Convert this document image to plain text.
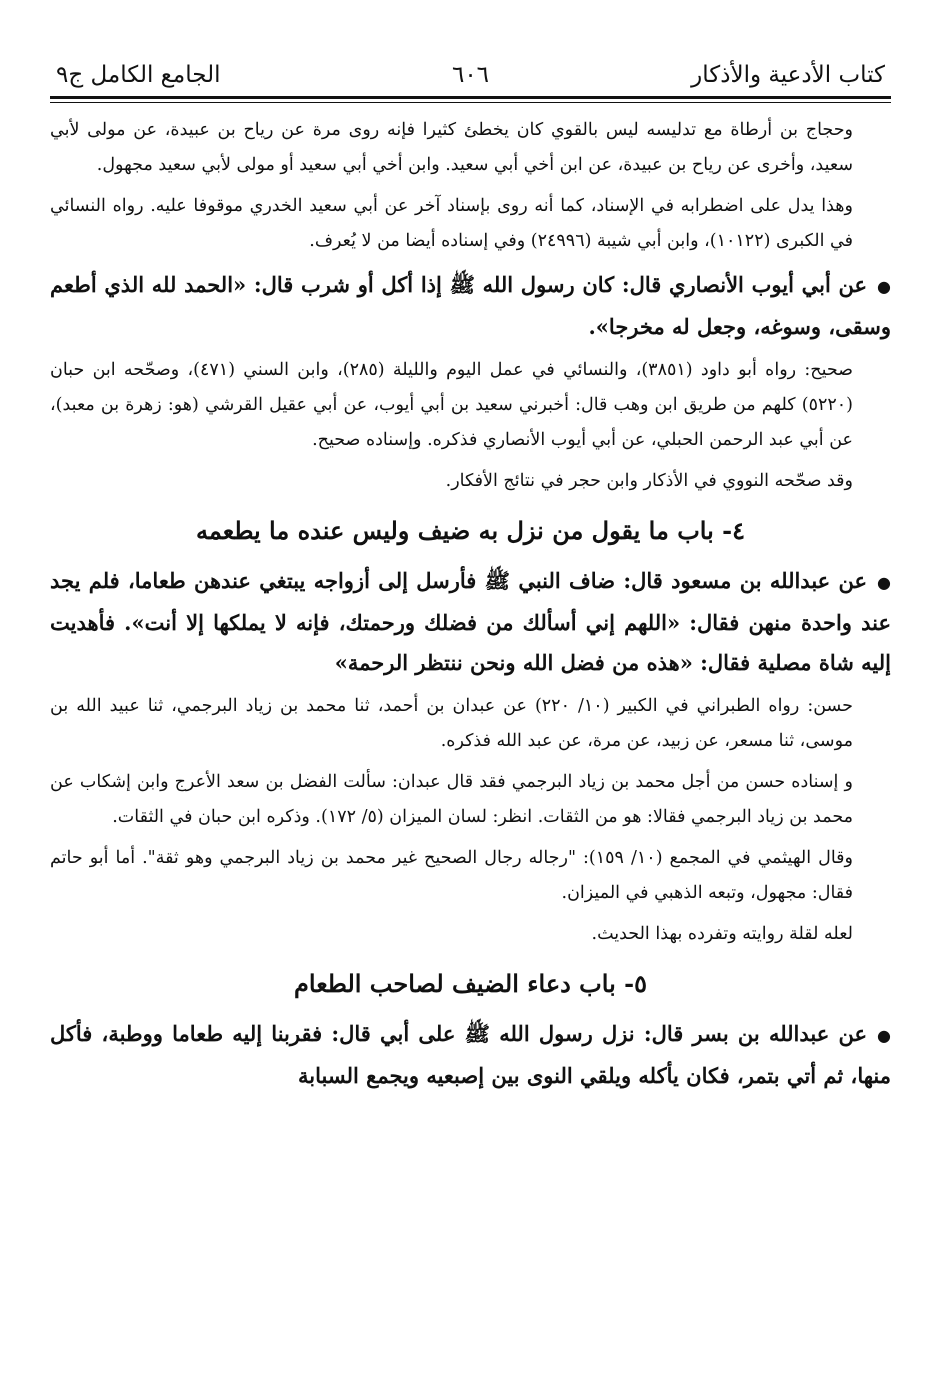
كتاب الأدعية والأذكار
٦٠٦
الجامع الكامل ج٩
وحجاج بن أرطاة مع تدليسه ليس بالقوي كان يخطئ كثيرا فإنه روى مرة عن رياح بن عبيدة، عن مولى لأبي سعيد، وأخرى عن رياح بن عبيدة، عن ابن أخي أبي سعيد. وابن أخي أبي سعيد أو مولى لأبي سعيد مجهول.
وهذا يدل على اضطرابه في الإسناد، كما أنه روى بإسناد آخر عن أبي سعيد الخدري موقوفا عليه. رواه النسائي في الكبرى (١٠١٢٢)، وابن أبي شيبة (٢٤٩٩٦) وفي إسناده أيضا من لا يُعرف.
●عن أبي أيوب الأنصاري قال: كان رسول الله ﷺ إذا أكل أو شرب قال: «الحمد لله الذي أطعم وسقى، وسوغه، وجعل له مخرجا».
صحيح: رواه أبو داود (٣٨٥١)، والنسائي في عمل اليوم والليلة (٢٨٥)، وابن السني (٤٧١)، وصحّحه ابن حبان (٥٢٢٠) كلهم من طريق ابن وهب قال: أخبرني سعيد بن أبي أيوب، عن أبي عقيل القرشي (هو: زهرة بن معبد)، عن أبي عبد الرحمن الحبلي، عن أبي أيوب الأنصاري فذكره. وإسناده صحيح.
وقد صحّحه النووي في الأذكار وابن حجر في نتائج الأفكار.
٤- باب ما يقول من نزل به ضيف وليس عنده ما يطعمه
●عن عبدالله بن مسعود قال: ضاف النبي ﷺ فأرسل إلى أزواجه يبتغي عندهن طعاما، فلم يجد عند واحدة منهن فقال: «اللهم إني أسألك من فضلك ورحمتك، فإنه لا يملكها إلا أنت». فأهديت إليه شاة مصلية فقال: «هذه من فضل الله ونحن ننتظر الرحمة»
حسن: رواه الطبراني في الكبير (١٠/ ٢٢٠) عن عبدان بن أحمد، ثنا محمد بن زياد البرجمي، ثنا عبيد الله بن موسى، ثنا مسعر، عن زبيد، عن مرة، عن عبد الله فذكره.
و إسناده حسن من أجل محمد بن زياد البرجمي فقد قال عبدان: سألت الفضل بن سعد الأعرج وابن إشكاب عن محمد بن زياد البرجمي فقالا: هو من الثقات. انظر: لسان الميزان (٥/ ١٧٢). وذكره ابن حبان في الثقات.
وقال الهيثمي في المجمع (١٠/ ١٥٩): "رجاله رجال الصحيح غير محمد بن زياد البرجمي وهو ثقة". أما أبو حاتم فقال: مجهول، وتبعه الذهبي في الميزان.
لعله لقلة روايته وتفرده بهذا الحديث.
٥- باب دعاء الضيف لصاحب الطعام
●عن عبدالله بن بسر قال: نزل رسول الله ﷺ على أبي قال: فقربنا إليه طعاما ووطبة، فأكل منها، ثم أتي بتمر، فكان يأكله ويلقي النوى بين إصبعيه ويجمع السبابة
